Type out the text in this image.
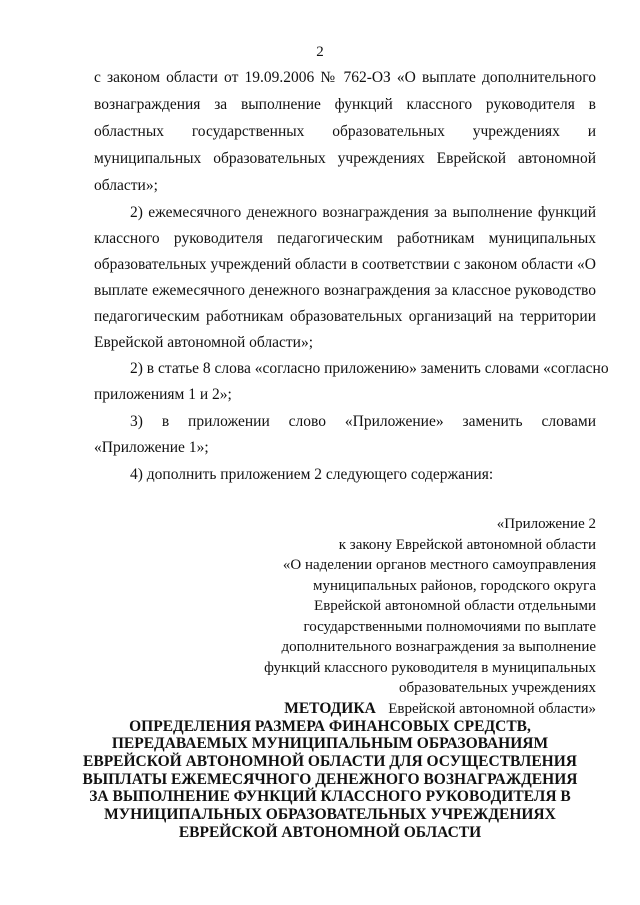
2
с законом области от 19.09.2006 № 762-ОЗ «О выплате дополнительного
вознаграждения за выполнение функций классного руководителя в
областных государственных образовательных учреждениях и
муниципальных образовательных учреждениях Еврейской автономной
области»;
2) ежемесячного денежного вознаграждения за выполнение функций
классного руководителя педагогическим работникам муниципальных
образовательных учреждений области в соответствии с законом области «О
выплате ежемесячного денежного вознаграждения за классное руководство
педагогическим работникам образовательных организаций на территории
Еврейской автономной области»;
2) в статье 8 слова «согласно приложению» заменить словами «согласно
приложениям 1 и 2»;
3) в приложении слово «Приложение» заменить словами
«Приложение 1»;
4) дополнить приложением 2 следующего содержания:
«Приложение 2
к закону Еврейской автономной области
«О наделении органов местного самоуправления
муниципальных районов, городского округа
Еврейской автономной области отдельными
государственными полномочиями по выплате
дополнительного вознаграждения за выполнение
функций классного руководителя в муниципальных
образовательных учреждениях
Еврейской автономной области»
МЕТОДИКА
ОПРЕДЕЛЕНИЯ РАЗМЕРА ФИНАНСОВЫХ СРЕДСТВ,
ПЕРЕДАВАЕМЫХ МУНИЦИПАЛЬНЫМ ОБРАЗОВАНИЯМ
ЕВРЕЙСКОЙ АВТОНОМНОЙ ОБЛАСТИ ДЛЯ ОСУЩЕСТВЛЕНИЯ
ВЫПЛАТЫ ЕЖЕМЕСЯЧНОГО ДЕНЕЖНОГО ВОЗНАГРАЖДЕНИЯ
ЗА ВЫПОЛНЕНИЕ ФУНКЦИЙ КЛАССНОГО РУКОВОДИТЕЛЯ В
МУНИЦИПАЛЬНЫХ ОБРАЗОВАТЕЛЬНЫХ УЧРЕЖДЕНИЯХ
ЕВРЕЙСКОЙ АВТОНОМНОЙ ОБЛАСТИ
